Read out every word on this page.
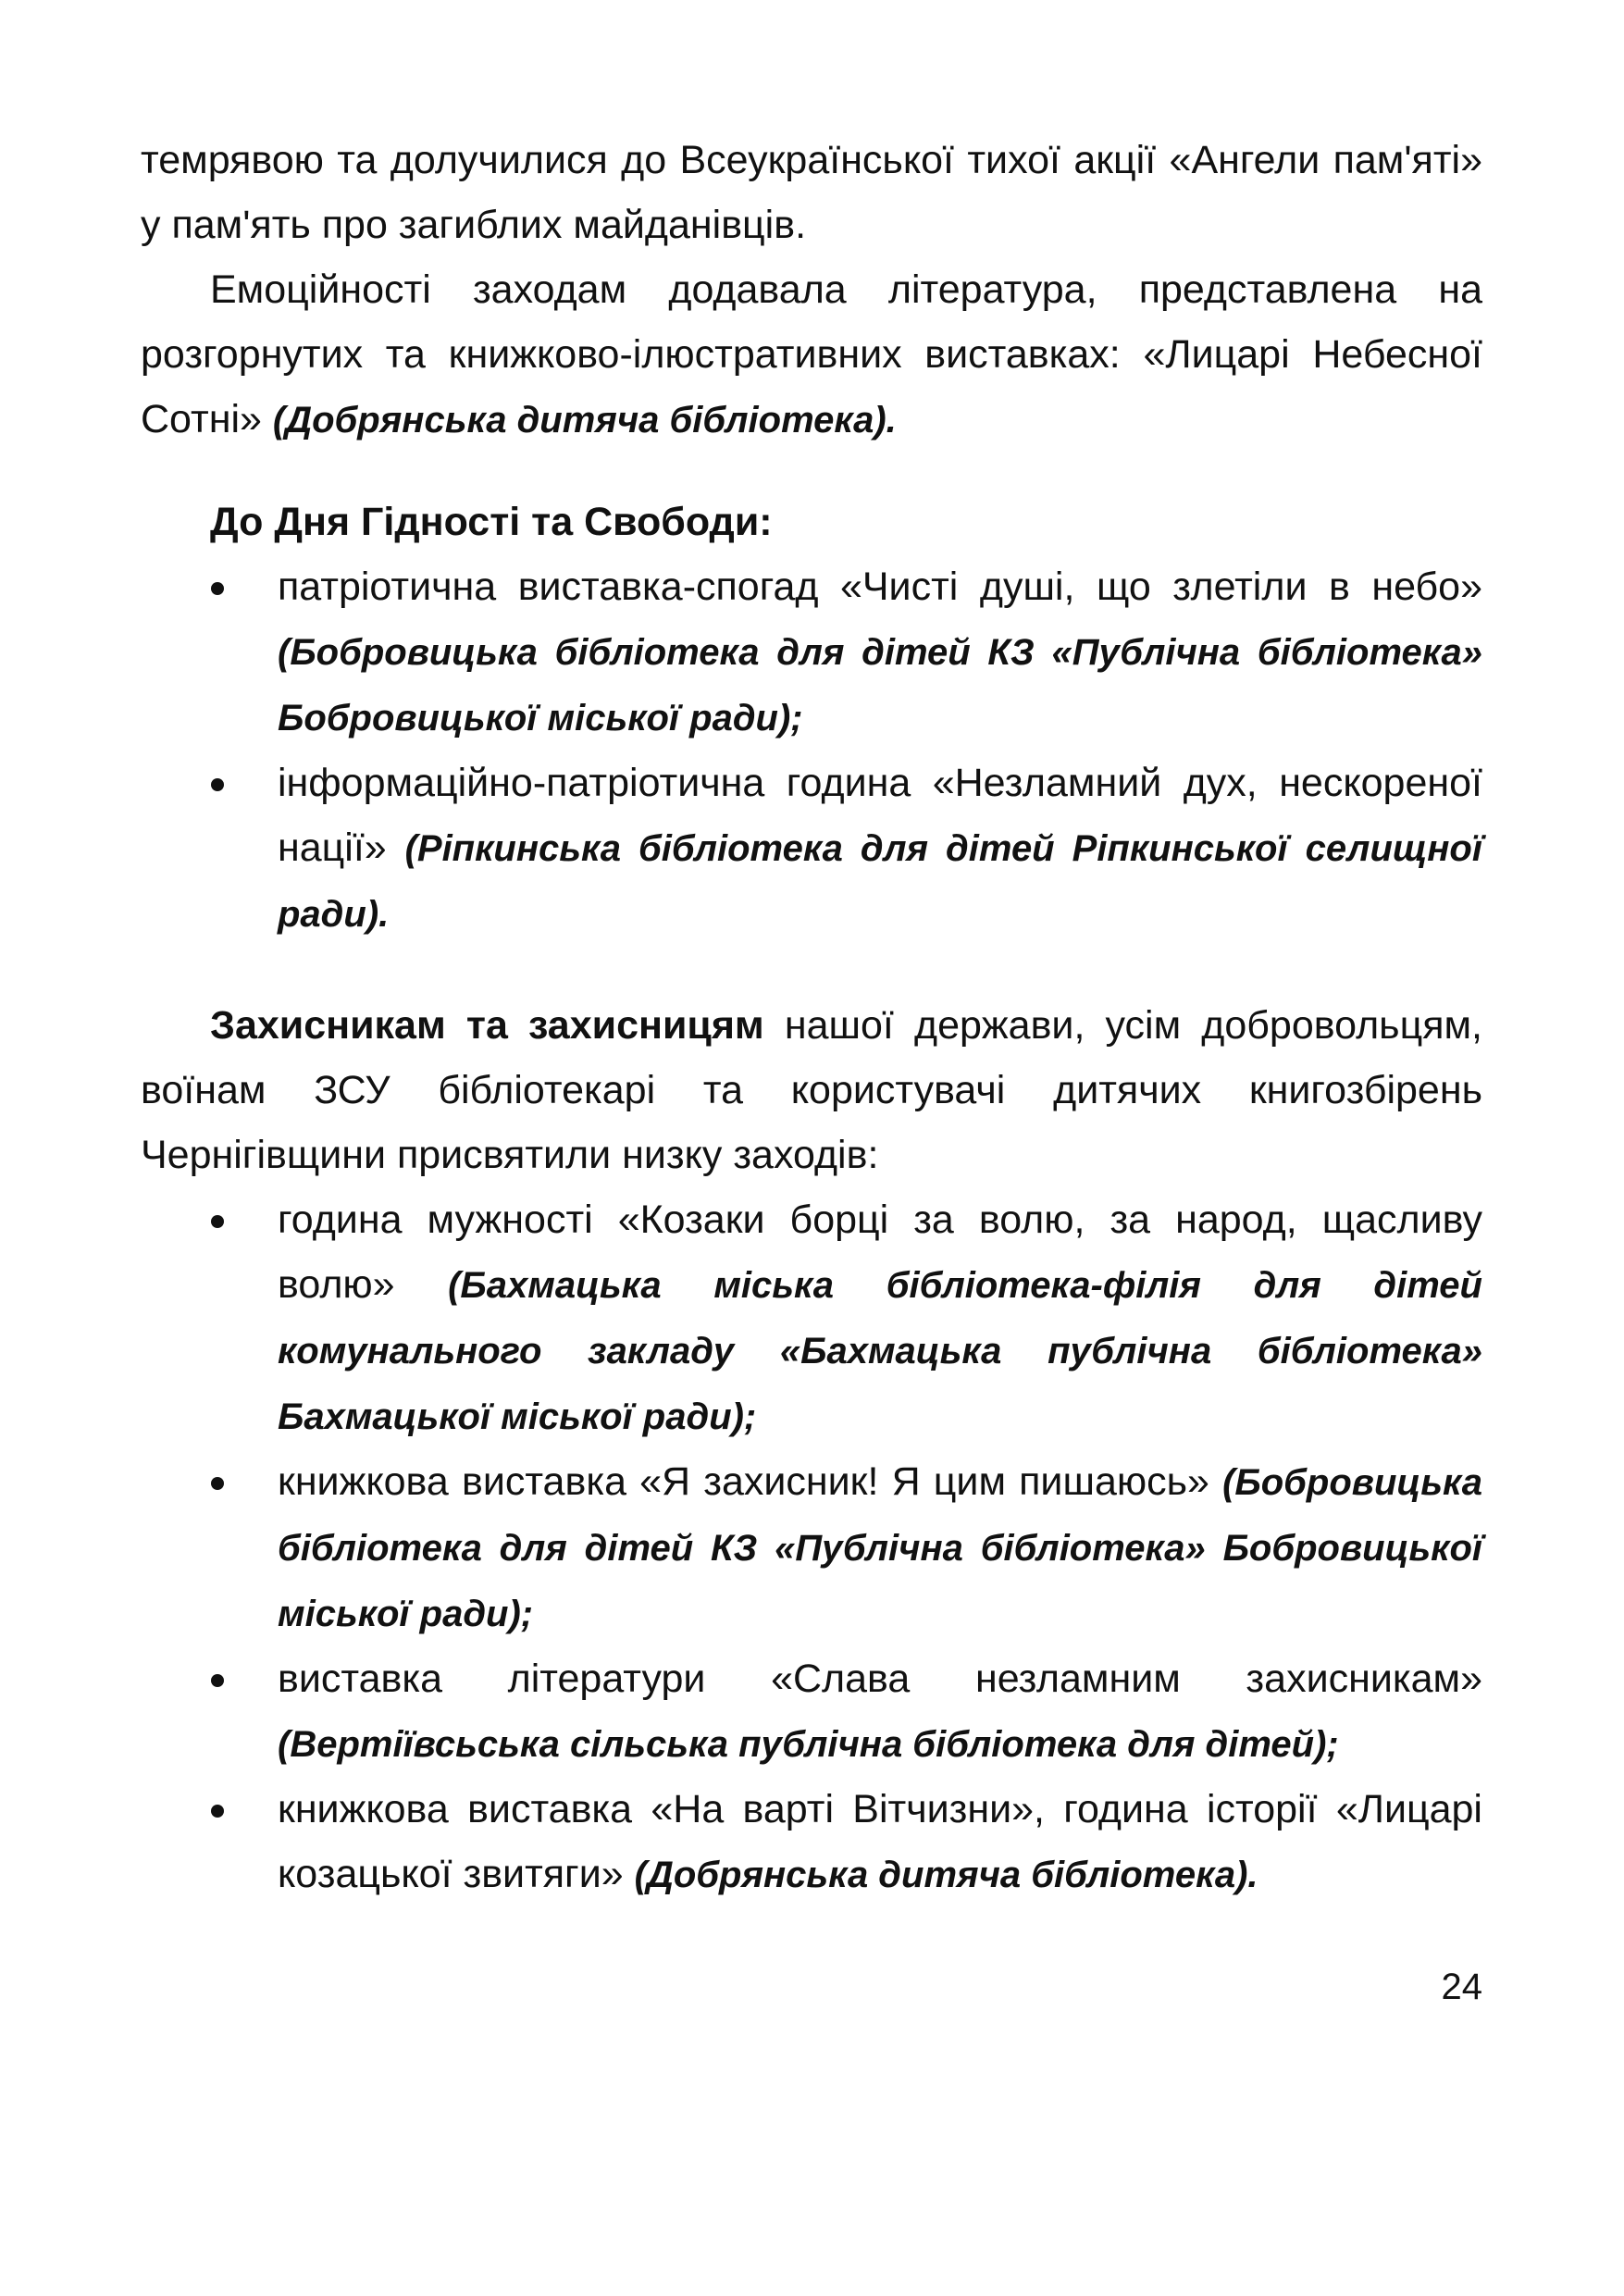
темрявою та долучилися до Всеукраїнської тихої акції «Ангели пам'яті» у пам'ять про загиблих майданівців.

Емоційності заходам додавала література, представлена на розгорнутих та книжково-ілюстративних виставках: «Лицарі Небесної Сотні» (Добрянська дитяча бібліотека).

До Дня Гідності та Свободи:

патріотична виставка-спогад «Чисті душі, що злетіли в небо» (Бобровицька бібліотека для дітей КЗ «Публічна бібліотека» Бобровицької міської ради);
інформаційно-патріотична година «Незламний дух, нескореної нації» (Ріпкинська бібліотека для дітей Ріпкинської селищної ради).

Захисникам та захисницям нашої держави, усім добровольцям, воїнам ЗСУ бібліотекарі та користувачі дитячих книгозбірень Чернігівщини присвятили низку заходів:

година мужності «Козаки борці за волю, за народ, щасливу волю» (Бахмацька міська бібліотека-філія для дітей комунального закладу «Бахмацька публічна бібліотека» Бахмацької міської ради);
книжкова виставка «Я захисник! Я цим пишаюсь» (Бобровицька бібліотека для дітей КЗ «Публічна бібліотека» Бобровицької міської ради);
виставка літератури «Слава незламним захисникам» (Вертіївсьська сільська публічна бібліотека для дітей);
книжкова виставка «На варті Вітчизни», година історії «Лицарі козацької звитяги» (Добрянська дитяча бібліотека).
24
